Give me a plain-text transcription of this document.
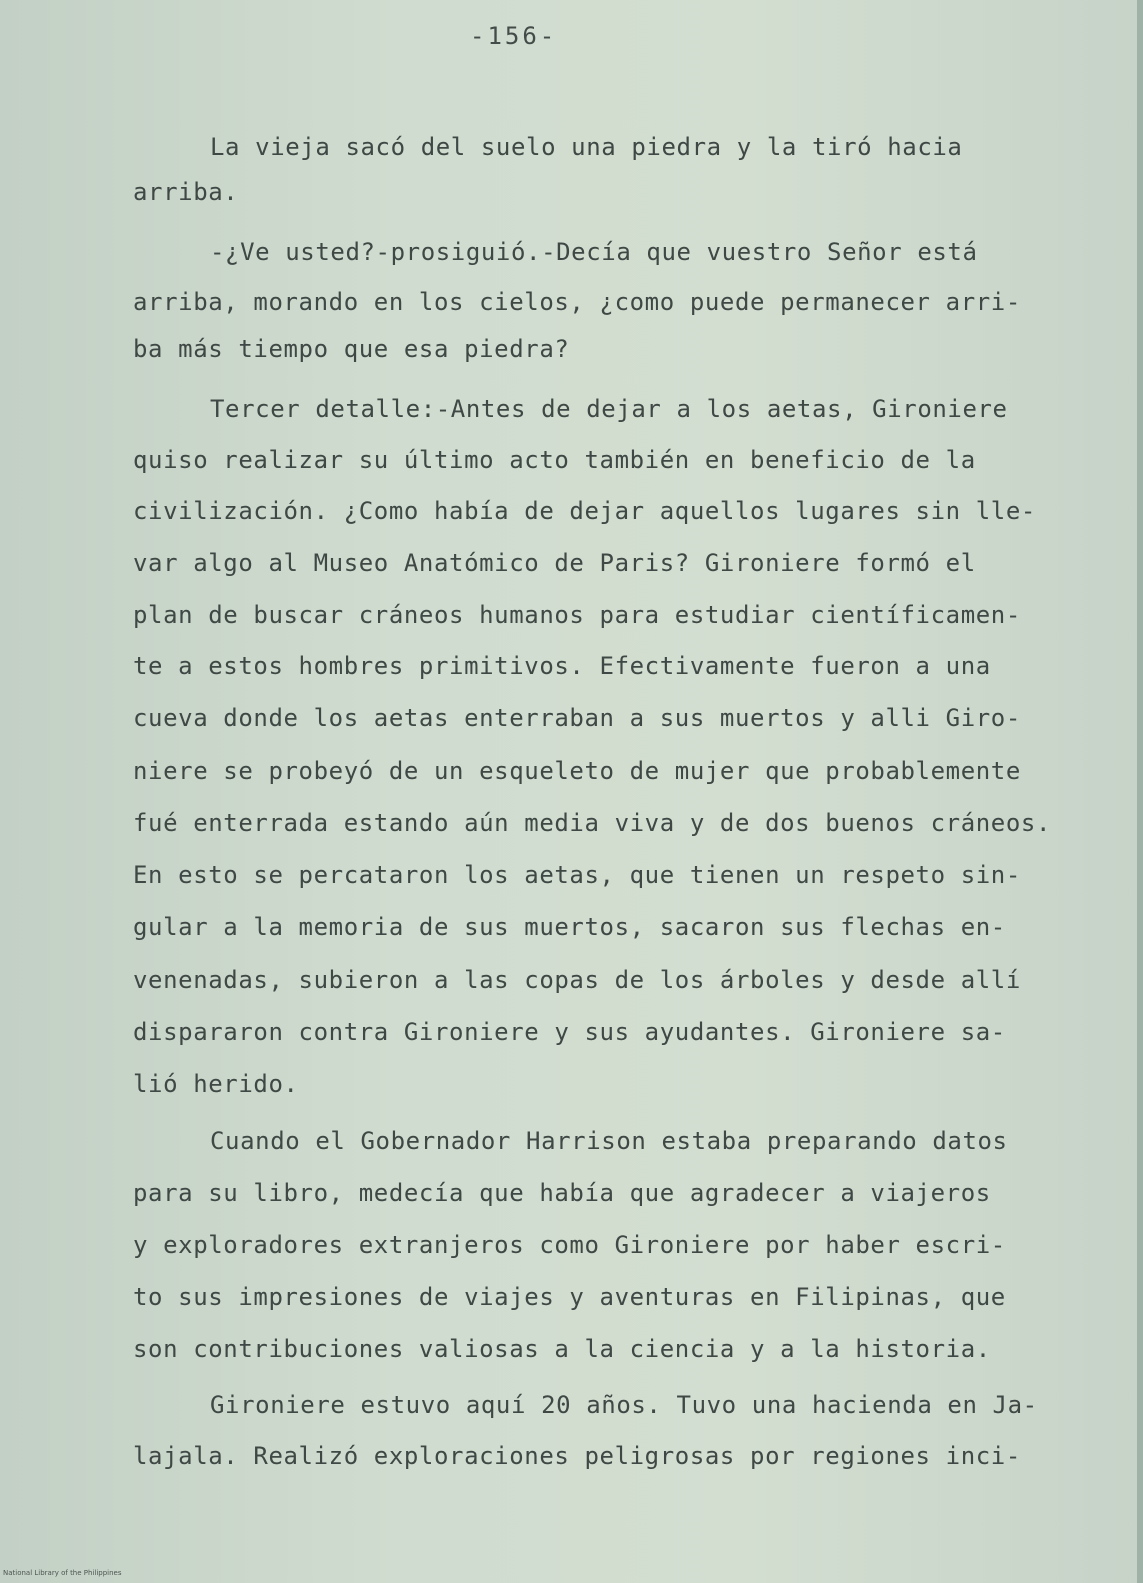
-156-
La vieja sacó del suelo una piedra y la tiró hacia
arriba.
-¿Ve usted?-prosiguió.-Decía que vuestro Señor está
arriba, morando en los cielos, ¿como puede permanecer arri-
ba más tiempo que esa piedra?
Tercer detalle:-Antes de dejar a los aetas, Gironiere
quiso realizar su último acto también en beneficio de la
civilización. ¿Como había de dejar aquellos lugares sin lle-
var algo al Museo Anatómico de Paris? Gironiere formó el
plan de buscar cráneos humanos para estudiar científicamen-
te a estos hombres primitivos. Efectivamente fueron a una
cueva donde los aetas enterraban a sus muertos y alli Giro-
niere se probeyó de un esqueleto de mujer que probablemente
fué enterrada estando aún media viva y de dos buenos cráneos.
En esto se percataron los aetas, que tienen un respeto sin-
gular a la memoria de sus muertos, sacaron sus flechas en-
venenadas, subieron a las copas de los árboles y desde allí
dispararon contra Gironiere y sus ayudantes. Gironiere sa-
lió herido.
Cuando el Gobernador Harrison estaba preparando datos
para su libro, medecía que había que agradecer a viajeros
y exploradores extranjeros como Gironiere por haber escri-
to sus impresiones de viajes y aventuras en Filipinas, que
son contribuciones valiosas a la ciencia y a la historia.
Gironiere estuvo aquí 20 años. Tuvo una hacienda en Ja-
lajala. Realizó exploraciones peligrosas por regiones inci-
National Library of the Philippines
